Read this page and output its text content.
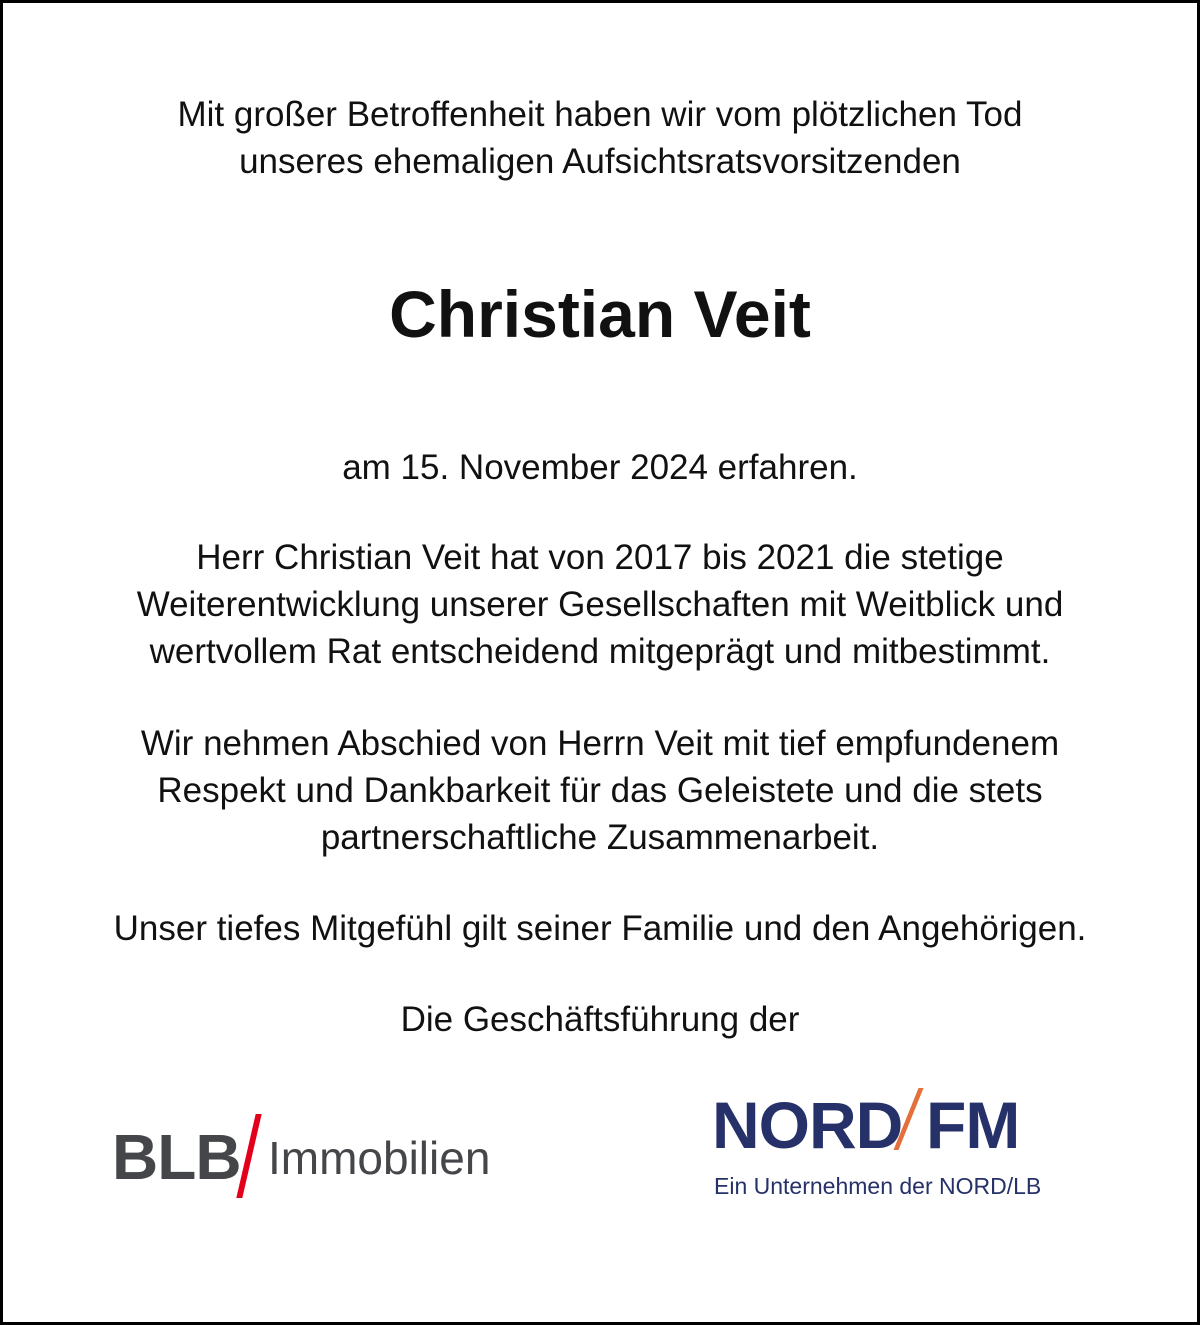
Mit großer Betroffenheit haben wir vom plötzlichen Tod
unseres ehemaligen Aufsichtsratsvorsitzenden
Christian Veit
am 15. November 2024 erfahren.
Herr Christian Veit hat von 2017 bis 2021 die stetige
Weiterentwicklung unserer Gesellschaften mit Weitblick und
wertvollem Rat entscheidend mitgeprägt und mitbestimmt.
Wir nehmen Abschied von Herrn Veit mit tief empfundenem
Respekt und Dankbarkeit für das Geleistete und die stets
partnerschaftliche Zusammenarbeit.
Unser tiefes Mitgefühl gilt seiner Familie und den Angehörigen.
Die Geschäftsführung der
BLB Immobilien	NORD FM
Ein Unternehmen der NORD/LB
